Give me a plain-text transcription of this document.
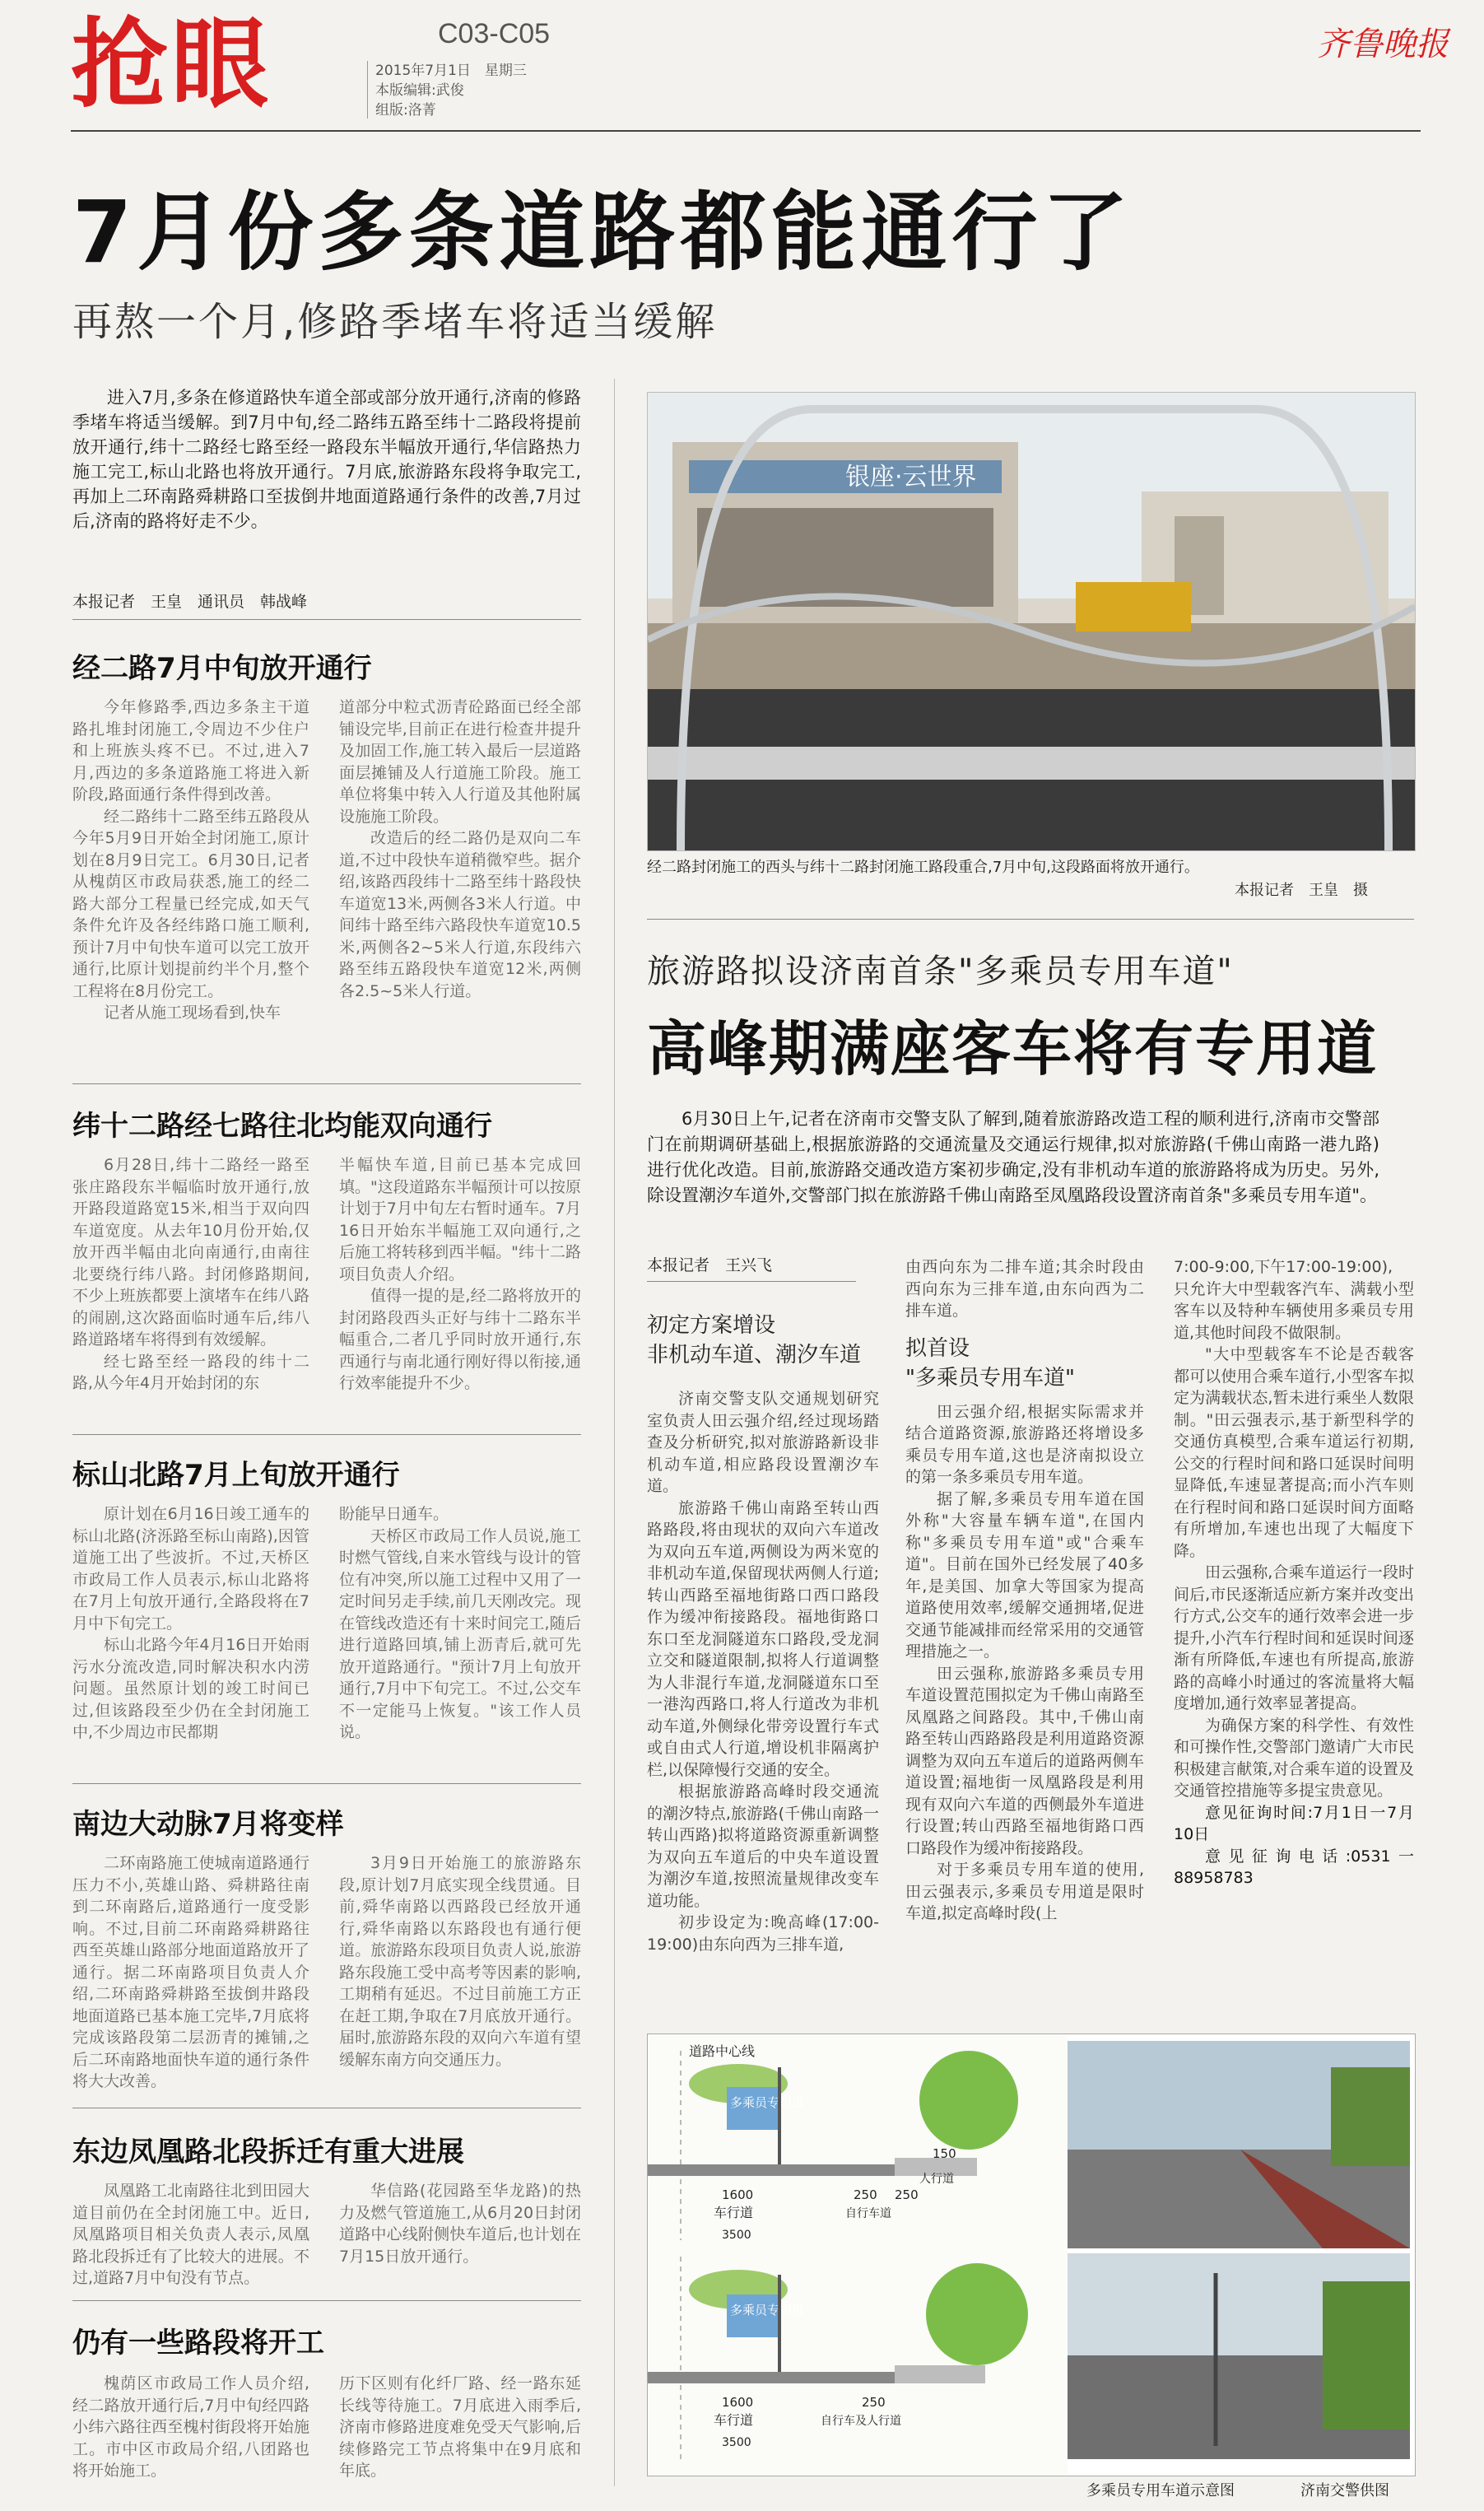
抢眼	C03-C05
2015年7月1日　星期三
本版编辑:武俊
组版:洛菁
齐鲁晚报
7月份多条道路都能通行了
再熬一个月,修路季堵车将适当缓解
进入7月,多条在修道路快车道全部或部分放开通行,济南的修路季堵车将适当缓解。到7月中旬,经二路纬五路至纬十二路段将提前放开通行,纬十二路经七路至经一路段东半幅放开通行,华信路热力施工完工,标山北路也将放开通行。7月底,旅游路东段将争取完工,再加上二环南路舜耕路口至拔倒井地面道路通行条件的改善,7月过后,济南的路将好走不少。
本报记者　王皇　通讯员　韩战峰
经二路7月中旬放开通行

今年修路季,西边多条主干道路扎堆封闭施工,令周边不少住户和上班族头疼不已。不过,进入7月,西边的多条道路施工将进入新阶段,路面通行条件得到改善。

经二路纬十二路至纬五路段从今年5月9日开始全封闭施工,原计划在8月9日完工。6月30日,记者从槐荫区市政局获悉,施工的经二路大部分工程量已经完成,如天气条件允许及各经纬路口施工顺利,预计7月中旬快车道可以完工放开通行,比原计划提前约半个月,整个工程将在8月份完工。

记者从施工现场看到,快车

道部分中粒式沥青砼路面已经全部铺设完毕,目前正在进行检查井提升及加固工作,施工转入最后一层道路面层摊铺及人行道施工阶段。施工单位将集中转入人行道及其他附属设施施工阶段。

改造后的经二路仍是双向二车道,不过中段快车道稍微窄些。据介绍,该路西段纬十二路至纬十路段快车道宽13米,两侧各3米人行道。中间纬十路至纬六路段快车道宽10.5米,两侧各2~5米人行道,东段纬六路至纬五路段快车道宽12米,两侧各2.5~5米人行道。

纬十二路经七路往北均能双向通行

6月28日,纬十二路经一路至张庄路段东半幅临时放开通行,放开路段道路宽15米,相当于双向四车道宽度。从去年10月份开始,仅放开西半幅由北向南通行,由南往北要绕行纬八路。封闭修路期间,不少上班族都要上演堵车在纬八路的闹剧,这次路面临时通车后,纬八路道路堵车将得到有效缓解。

经七路至经一路段的纬十二路,从今年4月开始封闭的东

半幅快车道,目前已基本完成回填。"这段道路东半幅预计可以按原计划于7月中旬左右暂时通车。7月16日开始东半幅施工双向通行,之后施工将转移到西半幅。"纬十二路项目负责人介绍。

值得一提的是,经二路将放开的封闭路段西头正好与纬十二路东半幅重合,二者几乎同时放开通行,东西通行与南北通行刚好得以衔接,通行效率能提升不少。

标山北路7月上旬放开通行

原计划在6月16日竣工通车的标山北路(济泺路至标山南路),因管道施工出了些波折。不过,天桥区市政局工作人员表示,标山北路将在7月上旬放开通行,全路段将在7月中下旬完工。

标山北路今年4月16日开始雨污水分流改造,同时解决积水内涝问题。虽然原计划的竣工时间已过,但该路段至少仍在全封闭施工中,不少周边市民都期

盼能早日通车。

天桥区市政局工作人员说,施工时燃气管线,自来水管线与设计的管位有冲突,所以施工过程中又用了一定时间另走手续,前几天刚改完。现在管线改造还有十来时间完工,随后进行道路回填,铺上沥青后,就可先放开道路通行。"预计7月上旬放开通行,7月中下旬完工。不过,公交车不一定能马上恢复。"该工作人员说。

南边大动脉7月将变样

二环南路施工使城南道路通行压力不小,英雄山路、舜耕路往南到二环南路后,道路通行一度受影响。不过,目前二环南路舜耕路往西至英雄山路部分地面道路放开了通行。据二环南路项目负责人介绍,二环南路舜耕路至拔倒井路段地面道路已基本施工完毕,7月底将完成该路段第二层沥青的摊铺,之后二环南路地面快车道的通行条件将大大改善。

3月9日开始施工的旅游路东段,原计划7月底实现全线贯通。目前,舜华南路以西路段已经放开通行,舜华南路以东路段也有通行便道。旅游路东段项目负责人说,旅游路东段施工受中高考等因素的影响,工期稍有延迟。不过目前施工方正在赶工期,争取在7月底放开通行。届时,旅游路东段的双向六车道有望缓解东南方向交通压力。

东边凤凰路北段拆迁有重大进展

凤凰路工北南路往北到田园大道目前仍在全封闭施工中。近日,凤凰路项目相关负责人表示,凤凰路北段拆迁有了比较大的进展。不过,道路7月中旬没有节点。

华信路(花园路至华龙路)的热力及燃气管道施工,从6月20日封闭道路中心线附侧快车道后,也计划在7月15日放开通行。

仍有一些路段将开工

槐荫区市政局工作人员介绍,经二路放开通行后,7月中旬经四路小纬六路往西至槐村街段将开始施工。市中区市政局介绍,八团路也将开始施工。

历下区则有化纤厂路、经一路东延长线等待施工。7月底进入雨季后,济南市修路进度难免受天气影响,后续修路完工节点将集中在9月底和年底。

银座·云世界
经二路封闭施工的西头与纬十二路封闭施工路段重合,7月中旬,这段路面将放开通行。
本报记者　王皇　摄
旅游路拟设济南首条"多乘员专用车道"
高峰期满座客车将有专用道
6月30日上午,记者在济南市交警支队了解到,随着旅游路改造工程的顺利进行,济南市交警部门在前期调研基础上,根据旅游路的交通流量及交通运行规律,拟对旅游路(千佛山南路一港九路)进行优化改造。目前,旅游路交通改造方案初步确定,没有非机动车道的旅游路将成为历史。另外,除设置潮汐车道外,交警部门拟在旅游路千佛山南路至凤凰路段设置济南首条"多乘员专用车道"。
本报记者　王兴飞
初定方案增设
非机动车道、潮汐车道

济南交警支队交通规划研究室负责人田云强介绍,经过现场踏查及分析研究,拟对旅游路新设非机动车道,相应路段设置潮汐车道。

旅游路千佛山南路至转山西路路段,将由现状的双向六车道改为双向五车道,两侧设为两米宽的非机动车道,保留现状两侧人行道;转山西路至福地街路口西口路段作为缓冲衔接路段。福地街路口东口至龙洞隧道东口路段,受龙洞立交和隧道限制,拟将人行道调整为人非混行车道,龙洞隧道东口至一港沟西路口,将人行道改为非机动车道,外侧绿化带旁设置行车式或自由式人行道,增设机非隔离护栏,以保障慢行交通的安全。

根据旅游路高峰时段交通流的潮汐特点,旅游路(千佛山南路一转山西路)拟将道路资源重新调整为双向五车道后的中央车道设置为潮汐车道,按照流量规律改变车道功能。

初步设定为:晚高峰(17:00-19:00)由东向西为三排车道,

由西向东为二排车道;其余时段由西向东为三排车道,由东向西为二排车道。

拟首设
"多乘员专用车道"

田云强介绍,根据实际需求并结合道路资源,旅游路还将增设多乘员专用车道,这也是济南拟设立的第一条多乘员专用车道。

据了解,多乘员专用车道在国外称"大容量车辆车道",在国内称"多乘员专用车道"或"合乘车道"。目前在国外已经发展了40多年,是美国、加拿大等国家为提高道路使用效率,缓解交通拥堵,促进交通节能减排而经常采用的交通管理措施之一。

田云强称,旅游路多乘员专用车道设置范围拟定为千佛山南路至凤凰路之间路段。其中,千佛山南路至转山西路路段是利用道路资源调整为双向五车道后的道路两侧车道设置;福地街一凤凰路段是利用现有双向六车道的西侧最外车道进行设置;转山西路至福地街路口西口路段作为缓冲衔接路段。

对于多乘员专用车道的使用,田云强表示,多乘员专用道是限时车道,拟定高峰时段(上

7:00-9:00,下午17:00-19:00),

只允许大中型载客汽车、满载小型客车以及特种车辆使用多乘员专用道,其他时间段不做限制。

"大中型载客车不论是否载客都可以使用合乘车道行,小型客车拟定为满载状态,暂未进行乘坐人数限制。"田云强表示,基于新型科学的交通仿真模型,合乘车道运行初期,公交的行程时间和路口延误时间明显降低,车速显著提高;而小汽车则在行程时间和路口延误时间方面略有所增加,车速也出现了大幅度下降。

田云强称,合乘车道运行一段时间后,市民逐渐适应新方案并改变出行方式,公交车的通行效率会进一步提升,小汽车行程时间和延误时间逐渐有所降低,车速也有所提高,旅游路的高峰小时通过的客流量将大幅度增加,通行效率显著提高。

为确保方案的科学性、有效性和可操作性,交警部门邀请广大市民积极建言献策,对合乘车道的设置及交通管控措施等多提宝贵意见。

意见征询时间:7月1日一7月10日

意见征询电话:0531一88958783

道路中心线
多乘员专用道
1600	250 250
150
车行道	自行车道
人行道
3500
多乘员专用道
1600	250
车行道	自行车及人行道
3500
多乘员专用车道示意图	济南交警供图
